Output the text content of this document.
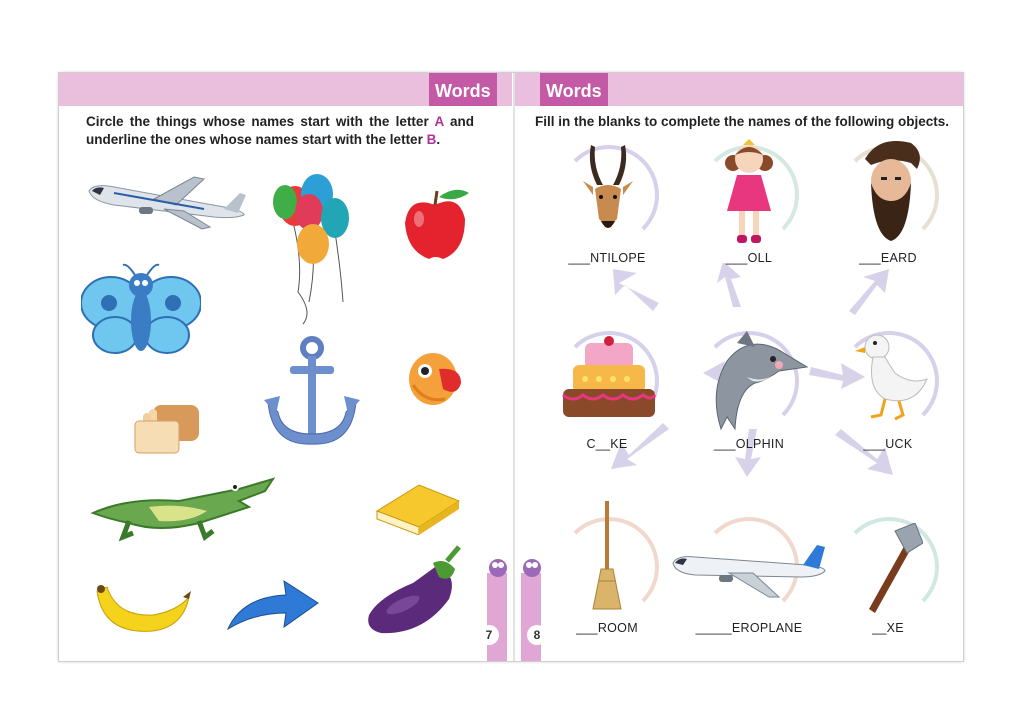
Words	Words
Circle the things whose names start with the letter A and underline the ones whose names start with the letter B.
7	8
Fill in the blanks to complete the names of the following objects.
___NTILOPE	___OLL	___EARD
C__KE	___OLPHIN	___UCK
___ROOM	_____EROPLANE	__XE
